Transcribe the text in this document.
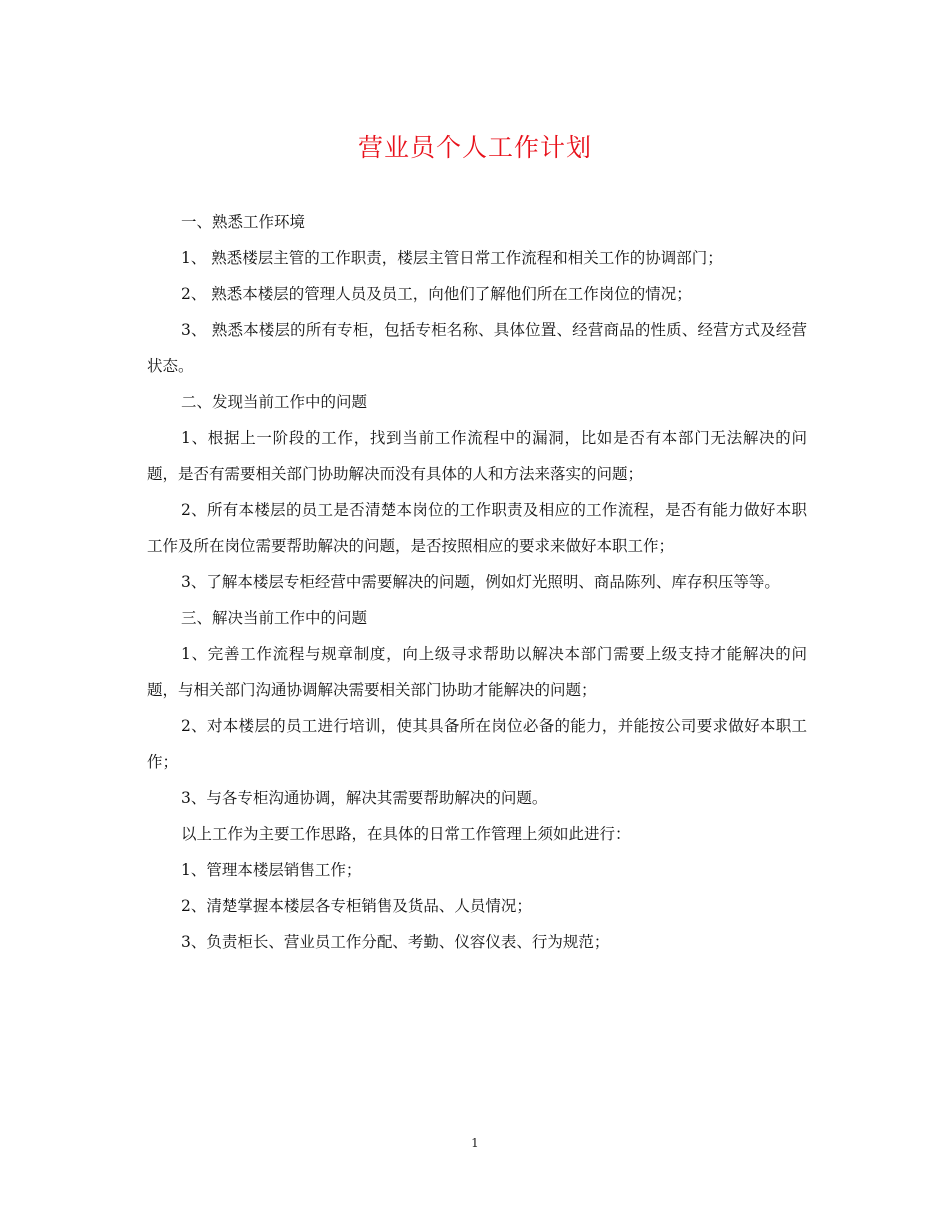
营业员个人工作计划

一、熟悉工作环境

1、 熟悉楼层主管的工作职责，楼层主管日常工作流程和相关工作的协调部门；

2、 熟悉本楼层的管理人员及员工，向他们了解他们所在工作岗位的情况；

3、 熟悉本楼层的所有专柜，包括专柜名称、具体位置、经营商品的性质、经营方式及经营状态。

二、发现当前工作中的问题

1、根据上一阶段的工作，找到当前工作流程中的漏洞，比如是否有本部门无法解决的问题，是否有需要相关部门协助解决而没有具体的人和方法来落实的问题；

2、所有本楼层的员工是否清楚本岗位的工作职责及相应的工作流程，是否有能力做好本职工作及所在岗位需要帮助解决的问题，是否按照相应的要求来做好本职工作；

3、了解本楼层专柜经营中需要解决的问题，例如灯光照明、商品陈列、库存积压等等。

三、解决当前工作中的问题

1、完善工作流程与规章制度，向上级寻求帮助以解决本部门需要上级支持才能解决的问题，与相关部门沟通协调解决需要相关部门协助才能解决的问题；

2、对本楼层的员工进行培训，使其具备所在岗位必备的能力，并能按公司要求做好本职工作；

3、与各专柜沟通协调，解决其需要帮助解决的问题。

以上工作为主要工作思路，在具体的日常工作管理上须如此进行：

1、管理本楼层销售工作；

2、清楚掌握本楼层各专柜销售及货品、人员情况；

3、负责柜长、营业员工作分配、考勤、仪容仪表、行为规范；

1
